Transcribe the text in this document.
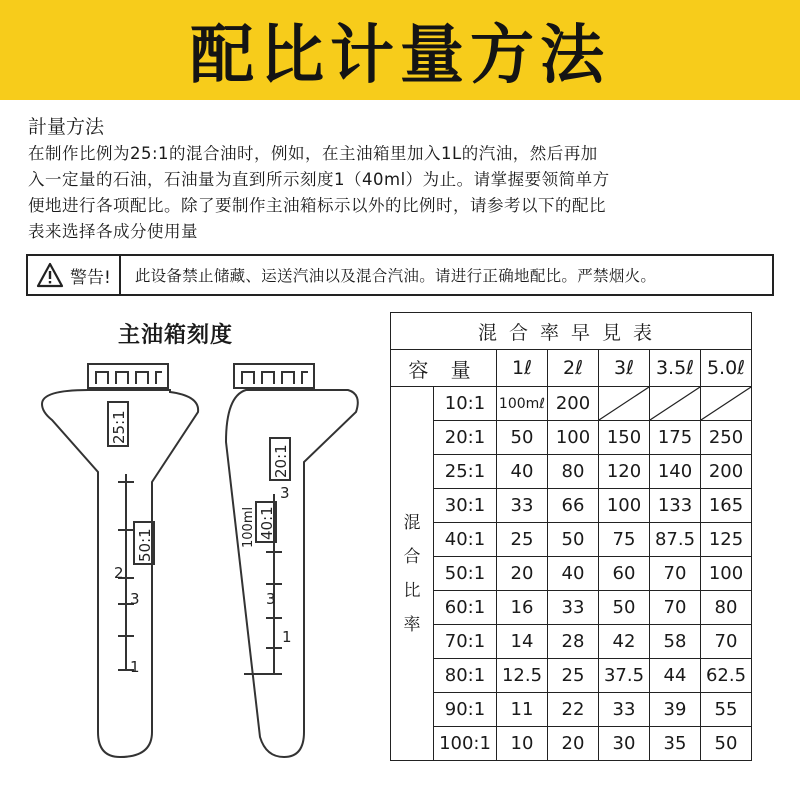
配比计量方法

計量方法

在制作比例为25:1的混合油时，例如，在主油箱里加入1L的汽油，然后再加

入一定量的石油，石油量为直到所示刻度1（40ml）为止。请掌握要领简单方

便地进行各项配比。除了要制作主油箱标示以外的比例时，请参考以下的配比

表来选择各成分使用量

警告!	此设备禁止储藏、运送汽油以及混合汽油。请进行正确地配比。严禁烟火。
主油箱刻度
25:1
50:1
2
3
1
20:1
40:1
100ml
3
3
1
混合率早見表						
容 量		1ℓ	2ℓ	3ℓ	3.5ℓ	5.0ℓ
混
合
比
率	10:1	100mℓ	200	

	20:1	50	100	150	175	250
	25:1	40	80	120	140	200
	30:1	33	66	100	133	165
	40:1	25	50	75	87.5	125
	50:1	20	40	60	70	100
	60:1	16	33	50	70	80
	70:1	14	28	42	58	70
	80:1	12.5	25	37.5	44	62.5
	90:1	11	22	33	39	55
	100:1	10	20	30	35	50
